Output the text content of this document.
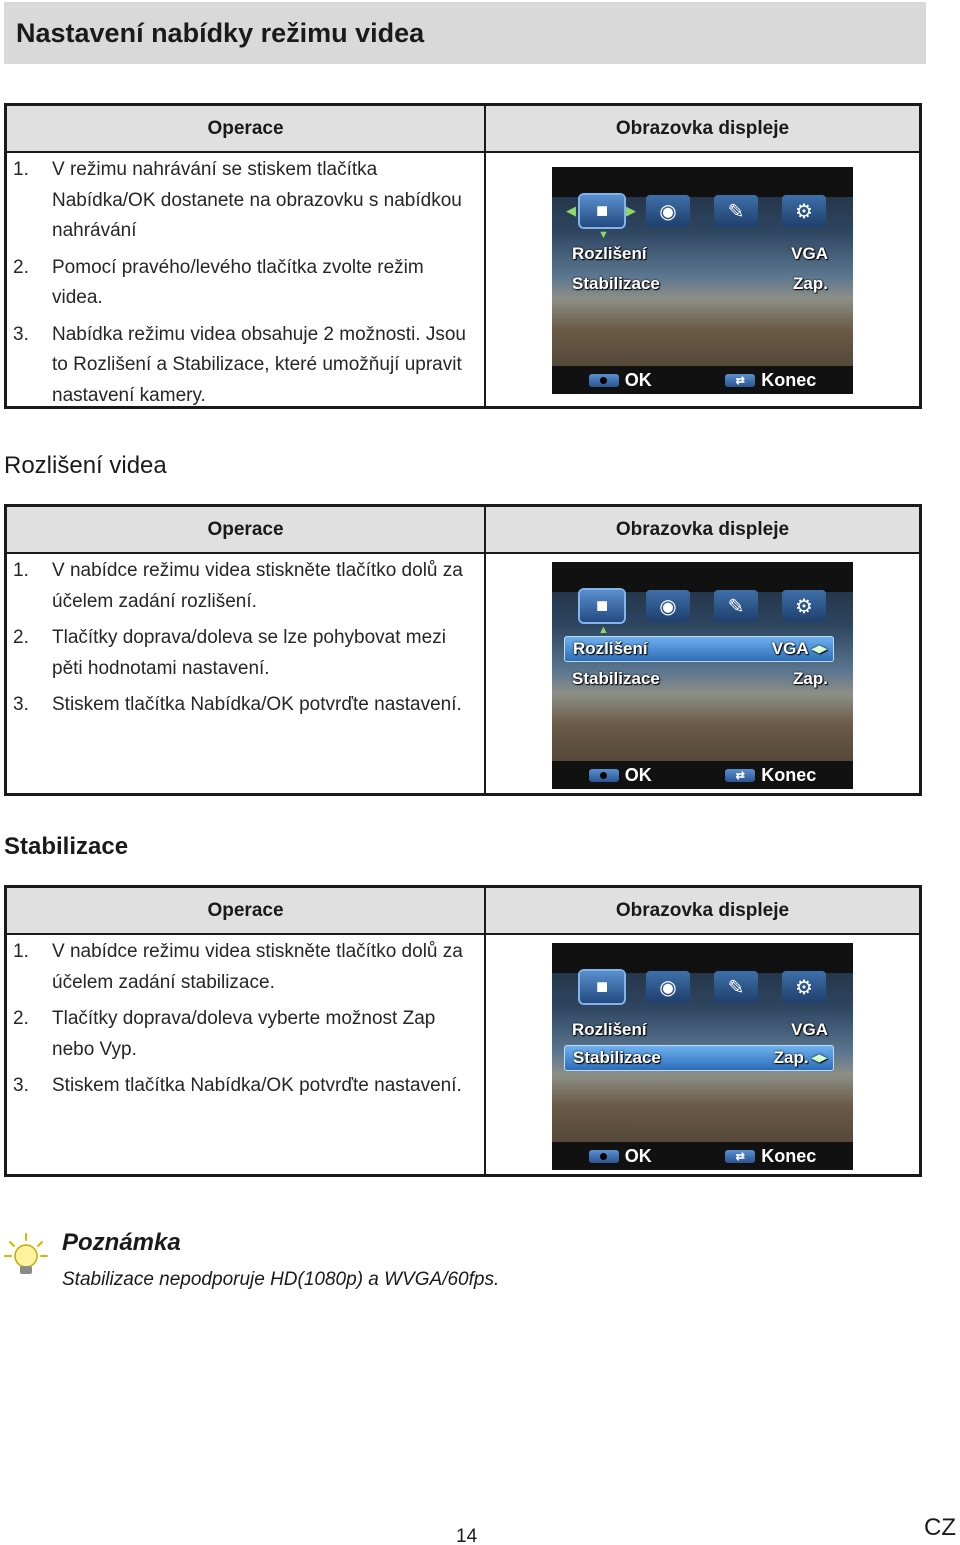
Nastavení nabídky režimu videa
Operace	Obrazovka displeje
1.	V režimu nahrávání se stiskem tlačítka Nabídka/OK dostanete na obrazovku s nabídkou nahrávání
2.	Pomocí pravého/levého tlačítka zvolte režim videa.
3.	Nabídka režimu videa obsahuje 2 možnosti. Jsou to Rozlišení a Stabilizace, které umožňují upravit nastavení kamery.
◀ ■	▶	◉	✎	⚙
▼
Rozlišení	VGA
Stabilizace	Zap.
OK	⇄ Konec
Rozlišení videa
Operace	Obrazovka displeje
1.	V nabídce režimu videa stiskněte tlačítko dolů za účelem zadání rozlišení.
2.	Tlačítky doprava/doleva se lze pohybovat mezi pěti hodnotami nastavení.
3.	Stiskem tlačítka Nabídka/OK potvrďte nastavení.
■	◉	✎	⚙
▲
Rozlišení	VGA ◀▶
Stabilizace	Zap.
OK	⇄ Konec
Stabilizace
Operace	Obrazovka displeje
1.	V nabídce režimu videa stiskněte tlačítko dolů za účelem zadání stabilizace.
2.	Tlačítky doprava/doleva vyberte možnost Zap nebo Vyp.
3.	Stiskem tlačítka Nabídka/OK potvrďte nastavení.
■	◉	✎	⚙
Rozlišení	VGA
Stabilizace	Zap. ◀▶
OK	⇄ Konec
Poznámka
Stabilizace nepodporuje HD(1080p) a WVGA/60fps.
14	CZ
